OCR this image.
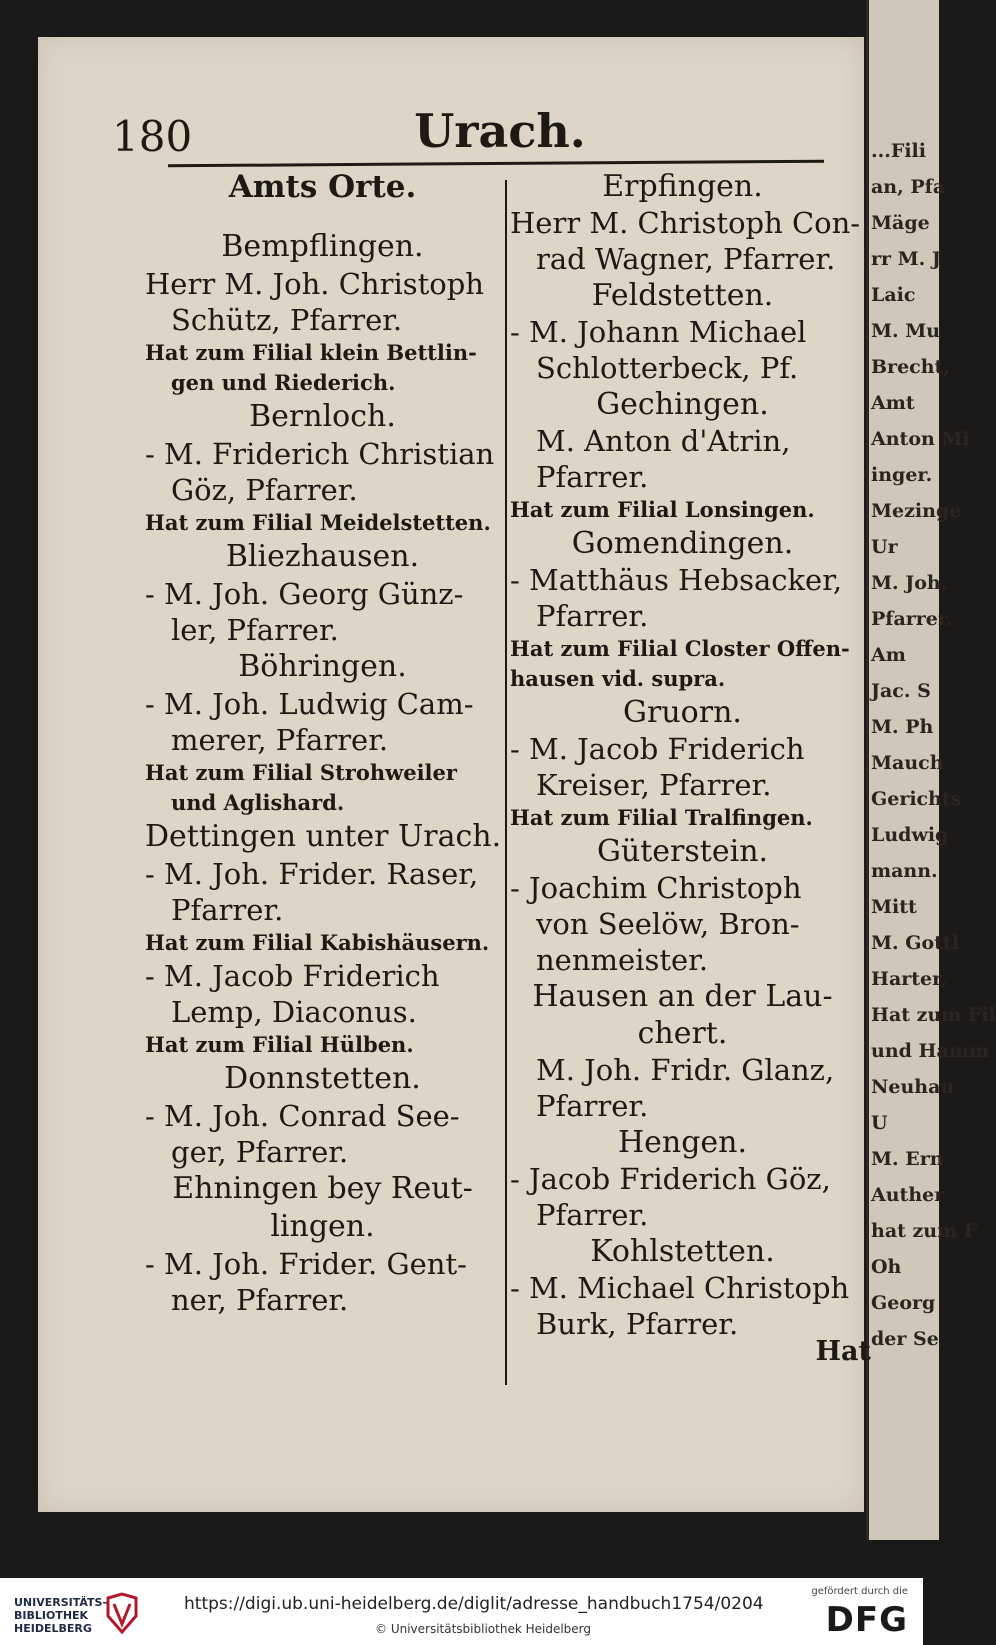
...Fili
an, Pfa
Mäge
rr M. J
Laic
M. Mu
Brecht,
Amt
Anton Mi
inger.
Mezinge
Ur
M. Joh.
Pfarrer.
Am
Jac. S
M. Ph
Mauch
Gerichts
Ludwig
mann.
Mitt
M. Gottl
Harter,
Hat zum Fil
und Hamm
Neuhau
U
M. Ern
Auther
hat zum F
Oh
Georg
der Se
180	Urach.
Amts Orte.
Bempflingen.
Herr M. Joh. Christoph
Schütz, Pfarrer.
Hat zum Filial klein Bettlin-
gen und Riederich.
Bernloch.
- M. Friderich Christian
Göz, Pfarrer.
Hat zum Filial Meidelstetten.
Bliezhausen.
- M. Joh. Georg Günz-
ler, Pfarrer.
Böhringen.
- M. Joh. Ludwig Cam-
merer, Pfarrer.
Hat zum Filial Strohweiler
und Aglishard.
Dettingen unter Urach.
- M. Joh. Frider. Raser,
Pfarrer.
Hat zum Filial Kabishäusern.
- M. Jacob Friderich
Lemp, Diaconus.
Hat zum Filial Hülben.
Donnstetten.
- M. Joh. Conrad See-
ger, Pfarrer.
Ehningen bey Reut-
lingen.
- M. Joh. Frider. Gent-
ner, Pfarrer.
Erpfingen.
Herr M. Christoph Con-
rad Wagner, Pfarrer.
Feldstetten.
- M. Johann Michael
Schlotterbeck, Pf.
Gechingen.
M. Anton d'Atrin,
Pfarrer.
Hat zum Filial Lonsingen.
Gomendingen.
- Matthäus Hebsacker,
Pfarrer.
Hat zum Filial Closter Offen-
hausen vid. supra.
Gruorn.
- M. Jacob Friderich
Kreiser, Pfarrer.
Hat zum Filial Tralfingen.
Güterstein.
- Joachim Christoph
von Seelöw, Bron-
nenmeister.
Hausen an der Lau-
chert.
M. Joh. Fridr. Glanz,
Pfarrer.
Hengen.
- Jacob Friderich Göz,
Pfarrer.
Kohlstetten.
- M. Michael Christoph
Burk, Pfarrer.
Hat
UNIVERSITÄTS-
BIBLIOTHEK
HEIDELBERG
https://digi.ub.uni-heidelberg.de/diglit/adresse_handbuch1754/0204
© Universitätsbibliothek Heidelberg
gefördert durch die
DFG
